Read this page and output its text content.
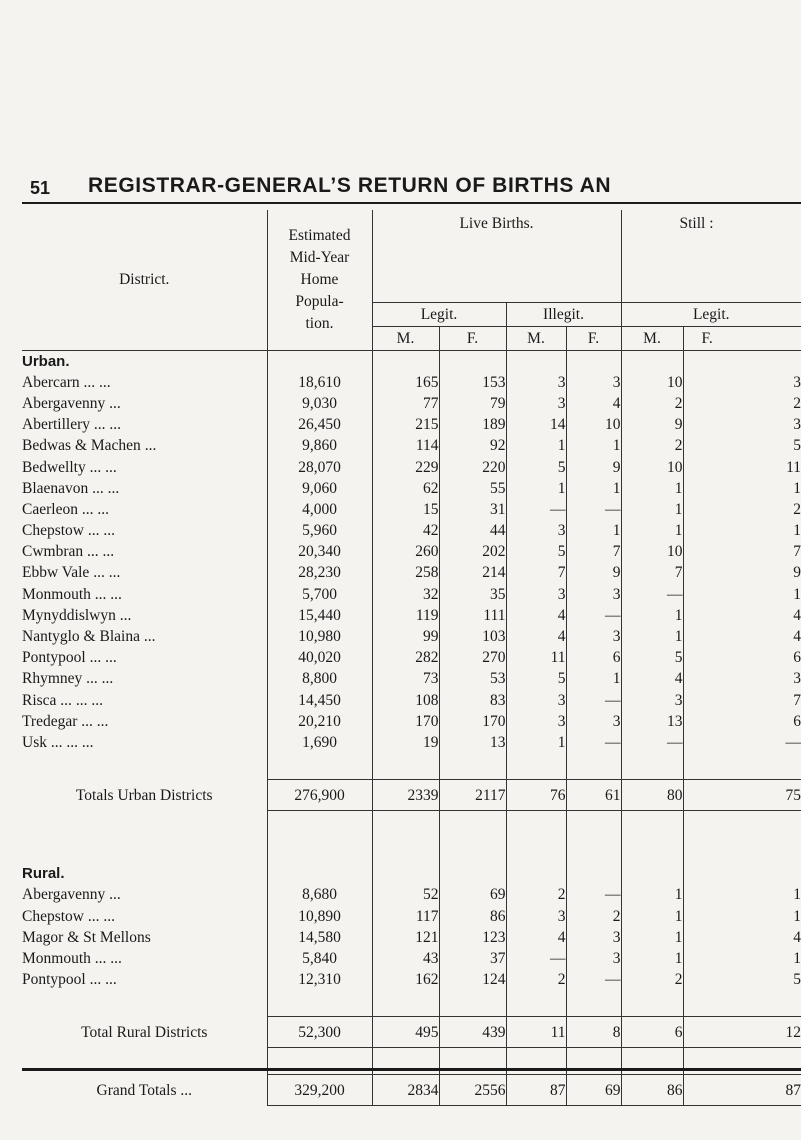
51 REGISTRAR-GENERAL’S RETURN OF BIRTHS AN
District.	Estimated
Mid-Year
Home
Popula-
tion.	Live Births.				Still :	
		Legit.		Illegit.		Legit.	
		M.	F.	M.	F.	M.	F.
Urban.							
Abercarn ... ...	18,610	165	153	3	3	10	3
Abergavenny ...	9,030	77	79	3	4	2	2
Abertillery ... ...	26,450	215	189	14	10	9	3
Bedwas & Machen ...	9,860	114	92	1	1	2	5
Bedwellty ... ...	28,070	229	220	5	9	10	11
Blaenavon ... ...	9,060	62	55	1	1	1	1
Caerleon ... ...	4,000	15	31	—	—	1	2
Chepstow ... ...	5,960	42	44	3	1	1	1
Cwmbran ... ...	20,340	260	202	5	7	10	7
Ebbw Vale ... ...	28,230	258	214	7	9	7	9
Monmouth ... ...	5,700	32	35	3	3	—	1
Mynyddislwyn ...	15,440	119	111	4	—	1	4
Nantyglo & Blaina ...	10,980	99	103	4	3	1	4
Pontypool ... ...	40,020	282	270	11	6	5	6
Rhymney ... ...	8,800	73	53	5	1	4	3
Risca ... ... ...	14,450	108	83	3	—	3	7
Tredegar ... ...	20,210	170	170	3	3	13	6
Usk ... ... ...	1,690	19	13	1	—	—	—

Totals Urban Districts	276,900	2339	2117	76	61	80	75

Rural.							
Abergavenny ...	8,680	52	69	2	—	1	1
Chepstow ... ...	10,890	117	86	3	2	1	1
Magor & St Mellons	14,580	121	123	4	3	1	4
Monmouth ... ...	5,840	43	37	—	3	1	1
Pontypool ... ...	12,310	162	124	2	—	2	5

Total Rural Districts	52,300	495	439	11	8	6	12

Grand Totals ...	329,200	2834	2556	87	69	86	87
